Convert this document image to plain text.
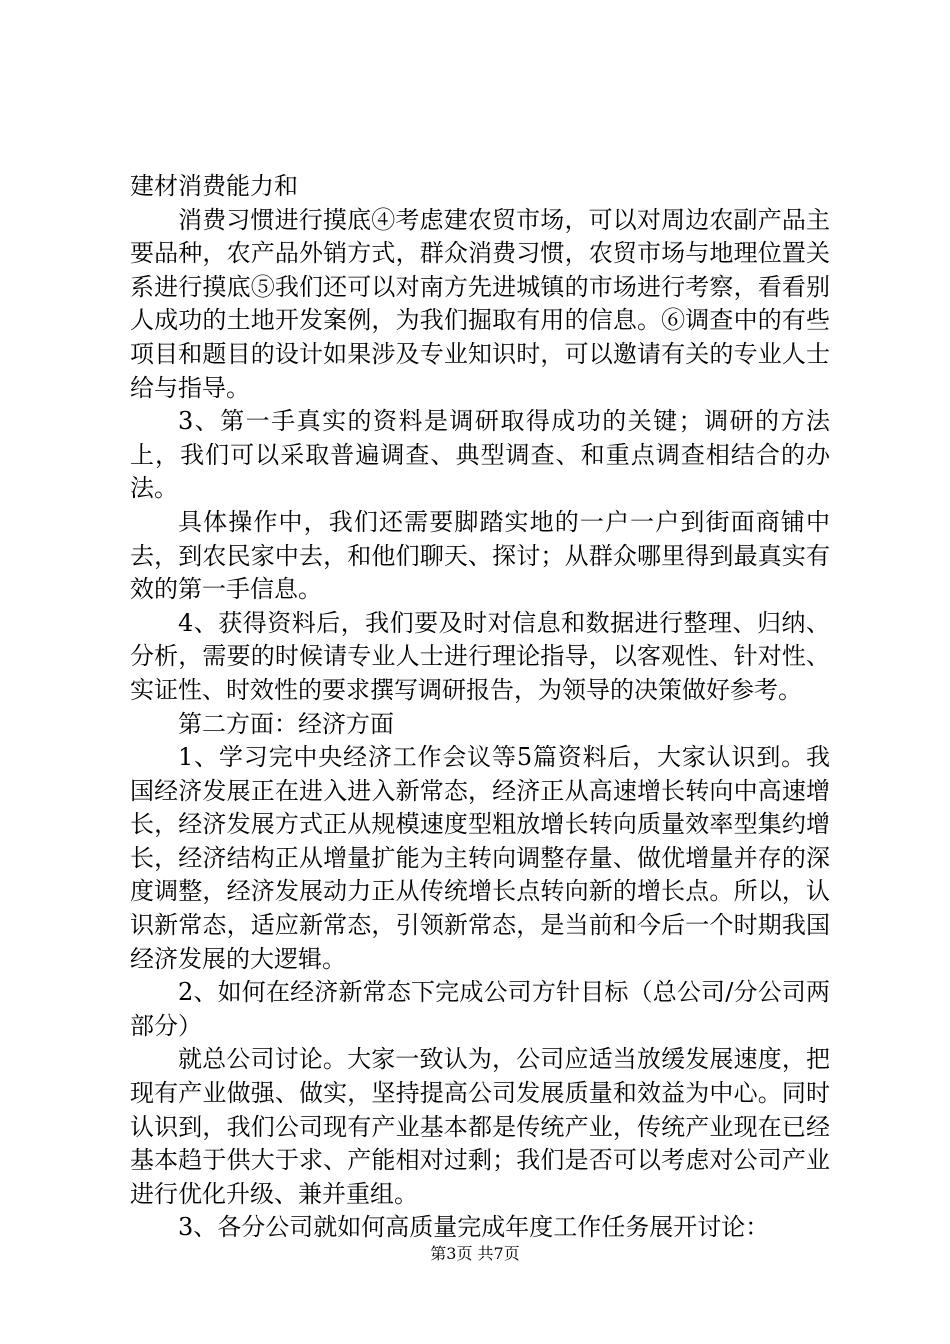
建材消费能力和

消费习惯进行摸底④考虑建农贸市场，可以对周边农副产品主要品种，农产品外销方式，群众消费习惯，农贸市场与地理位置关系进行摸底⑤我们还可以对南方先进城镇的市场进行考察，看看别人成功的土地开发案例，为我们掘取有用的信息。⑥调查中的有些项目和题目的设计如果涉及专业知识时，可以邀请有关的专业人士给与指导。

3、第一手真实的资料是调研取得成功的关键；调研的方法上，我们可以采取普遍调查、典型调查、和重点调查相结合的办法。

具体操作中，我们还需要脚踏实地的一户一户到街面商铺中去，到农民家中去，和他们聊天、探讨；从群众哪里得到最真实有效的第一手信息。

4、获得资料后，我们要及时对信息和数据进行整理、归纳、分析，需要的时候请专业人士进行理论指导，以客观性、针对性、实证性、时效性的要求撰写调研报告，为领导的决策做好参考。

第二方面：经济方面

1、学习完中央经济工作会议等5篇资料后，大家认识到。我国经济发展正在进入进入新常态，经济正从高速增长转向中高速增长，经济发展方式正从规模速度型粗放增长转向质量效率型集约增长，经济结构正从增量扩能为主转向调整存量、做优增量并存的深度调整，经济发展动力正从传统增长点转向新的增长点。所以，认识新常态，适应新常态，引领新常态，是当前和今后一个时期我国经济发展的大逻辑。

2、如何在经济新常态下完成公司方针目标（总公司/分公司两部分）

就总公司讨论。大家一致认为，公司应适当放缓发展速度，把现有产业做强、做实，坚持提高公司发展质量和效益为中心。同时认识到，我们公司现有产业基本都是传统产业，传统产业现在已经基本趋于供大于求、产能相对过剩；我们是否可以考虑对公司产业进行优化升级、兼并重组。

3、各分公司就如何高质量完成年度工作任务展开讨论：

第3页 共7页
